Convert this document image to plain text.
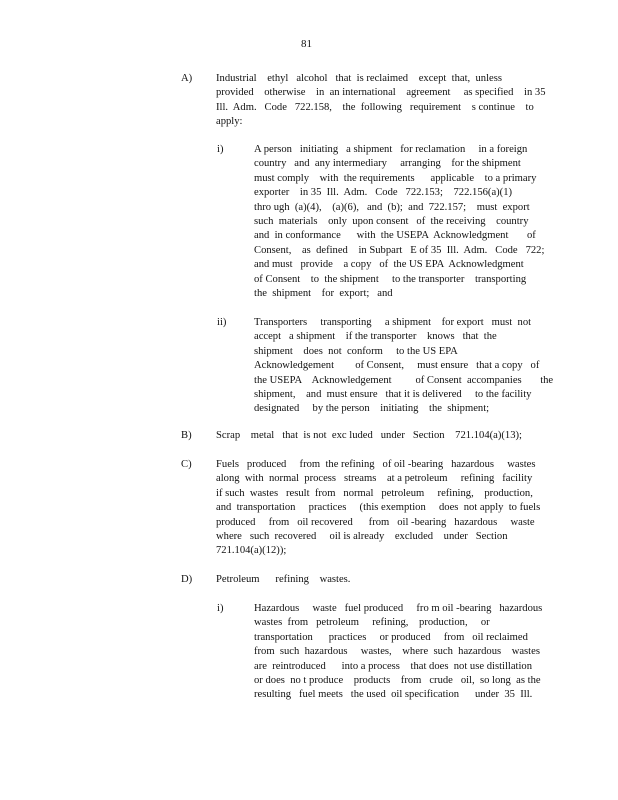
81
A) Industrial    ethyl   alcohol   that  is reclaimed    except  that,  unless
provided    otherwise    in  an international    agreement     as specified    in 35
Ill.  Adm.   Code   722.158,    the  following   requirement    s continue    to
apply:
i)	A person   initiating   a shipment   for reclamation     in a foreign
country   and  any intermediary     arranging    for the shipment
must comply    with  the requirements      applicable    to a primary
exporter    in 35  Ill.  Adm.   Code   722.153;    722.156(a)(1)
thro ugh  (a)(4),    (a)(6),   and  (b);  and  722.157;    must  export
such  materials    only  upon consent   of  the receiving    country
and  in conformance      with  the USEPA  Acknowledgment       of
Consent,    as  defined    in Subpart   E of 35  Ill.  Adm.   Code   722;
and must   provide    a copy   of  the US EPA  Acknowledgment
of Consent    to  the shipment     to the transporter    transporting
the  shipment    for  export;   and
ii)	Transporters     transporting     a shipment    for export   must  not
accept   a shipment    if the transporter    knows   that  the
shipment    does  not  conform     to the US EPA
Acknowledgement        of Consent,     must ensure   that a copy   of
the USEPA    Acknowledgement         of Consent  accompanies       the
shipment,    and  must ensure   that it is delivered     to the facility
designated     by the person    initiating    the  shipment;
B) Scrap    metal   that  is not  exc luded   under   Section    721.104(a)(13);
C) Fuels   produced     from  the refining   of oil -bearing   hazardous     wastes
along  with  normal  process   streams    at a petroleum     refining   facility
if such  wastes   result  from   normal   petroleum     refining,    production,
and  transportation     practices     (this exemption     does  not apply  to fuels
produced     from   oil recovered      from   oil -bearing   hazardous     waste
where   such  recovered     oil is already    excluded    under   Section
721.104(a)(12));
D) Petroleum      refining    wastes.
i)	Hazardous     waste   fuel produced     fro m oil -bearing   hazardous
wastes  from   petroleum     refining,    production,     or
transportation      practices     or produced     from   oil reclaimed
from  such  hazardous     wastes,    where  such  hazardous    wastes
are  reintroduced      into a process    that does  not use distillation
or does  no t produce    products    from   crude   oil,  so long  as the
resulting   fuel meets   the used  oil specification      under  35  Ill.
